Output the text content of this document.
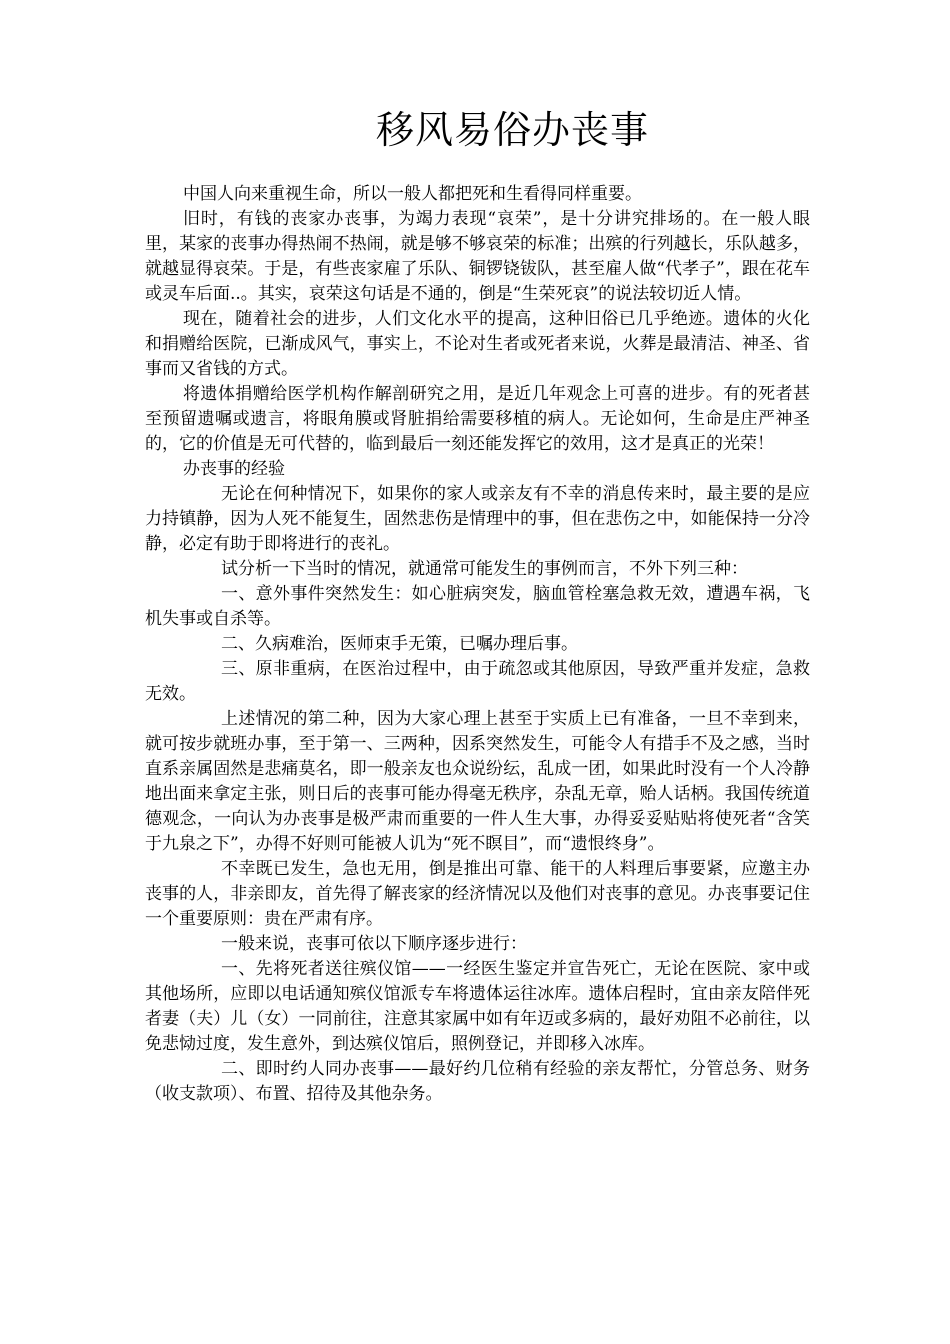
移风易俗办丧事

中国人向来重视生命，所以一般人都把死和生看得同样重要。

旧时，有钱的丧家办丧事，为竭力表现“哀荣”，是十分讲究排场的。在一般人眼里，某家的丧事办得热闹不热闹，就是够不够哀荣的标准；出殡的行列越长，乐队越多，就越显得哀荣。于是，有些丧家雇了乐队、铜锣铙钹队，甚至雇人做“代孝子”，跟在花车或灵车后面..。其实，哀荣这句话是不通的，倒是“生荣死哀”的说法较切近人情。

现在，随着社会的进步，人们文化水平的提高，这种旧俗已几乎绝迹。遗体的火化和捐赠给医院，已渐成风气，事实上，不论对生者或死者来说，火葬是最清洁、神圣、省事而又省钱的方式。

将遗体捐赠给医学机构作解剖研究之用，是近几年观念上可喜的进步。有的死者甚至预留遗嘱或遗言，将眼角膜或肾脏捐给需要移植的病人。无论如何，生命是庄严神圣的，它的价值是无可代替的，临到最后一刻还能发挥它的效用，这才是真正的光荣！

办丧事的经验

无论在何种情况下，如果你的家人或亲友有不幸的消息传来时，最主要的是应力持镇静，因为人死不能复生，固然悲伤是情理中的事，但在悲伤之中，如能保持一分冷静，必定有助于即将进行的丧礼。

试分析一下当时的情况，就通常可能发生的事例而言，不外下列三种：

一、意外事件突然发生：如心脏病突发，脑血管栓塞急救无效，遭遇车祸，飞机失事或自杀等。

二、久病难治，医师束手无策，已嘱办理后事。

三、原非重病，在医治过程中，由于疏忽或其他原因，导致严重并发症，急救无效。

上述情况的第二种，因为大家心理上甚至于实质上已有准备，一旦不幸到来，就可按步就班办事，至于第一、三两种，因系突然发生，可能令人有措手不及之感，当时直系亲属固然是悲痛莫名，即一般亲友也众说纷纭，乱成一团，如果此时没有一个人冷静地出面来拿定主张，则日后的丧事可能办得毫无秩序，杂乱无章，贻人话柄。我国传统道德观念，一向认为办丧事是极严肃而重要的一件人生大事，办得妥妥贴贴将使死者“含笑于九泉之下”，办得不好则可能被人讥为“死不瞑目”，而“遗恨终身”。

不幸既已发生，急也无用，倒是推出可靠、能干的人料理后事要紧，应邀主办丧事的人，非亲即友，首先得了解丧家的经济情况以及他们对丧事的意见。办丧事要记住一个重要原则：贵在严肃有序。

一般来说，丧事可依以下顺序逐步进行：

一、先将死者送往殡仪馆——一经医生鉴定并宣告死亡，无论在医院、家中或其他场所，应即以电话通知殡仪馆派专车将遗体运往冰库。遗体启程时，宜由亲友陪伴死者妻（夫）儿（女）一同前往，注意其家属中如有年迈或多病的，最好劝阻不必前往，以免悲恸过度，发生意外，到达殡仪馆后，照例登记，并即移入冰库。

二、即时约人同办丧事——最好约几位稍有经验的亲友帮忙，分管总务、财务（收支款项）、布置、招待及其他杂务。
